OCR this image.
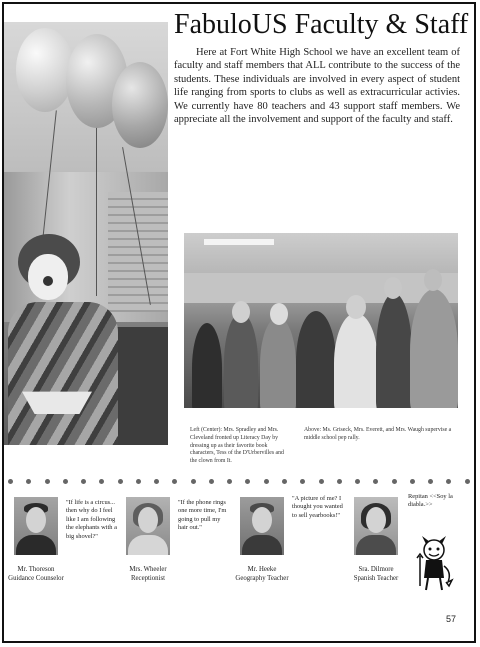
FabuloUS Faculty & Staff

Here at Fort White High School we have an excellent team of faculty and staff members that ALL contribute to the success of the students. These individuals are involved in every aspect of student life ranging from sports to clubs as well as extracurricular activies. We currently have 80 teachers and 43 support staff members. We appreciate all the involvement and support of the faculty and staff.

Left (Center): Mrs. Spradley and Mrs. Cleveland fronted up Literacy Day by dressing up as their favorite book characters, Tess of the D'Urbervilles and the clown from It.

Above: Ms. Griseck, Mrs. Everett, and Mrs. Waugh supervise a middle school pep rally.

"If life is a circus... then why do I feel like I am following the elephants with a big shovel?"

Mr. Thoreson
Guidance Counselor

"If the phone rings one more time, I'm going to pull my hair out."

Mrs. Wheeler
Receptionist

"A picture of me? I thought you wanted to sell yearbooks!"

Mr. Heeke
Geography Teacher

Repitan <<Soy la diabla.>>

Sra. Dilmore
Spanish Teacher
57
